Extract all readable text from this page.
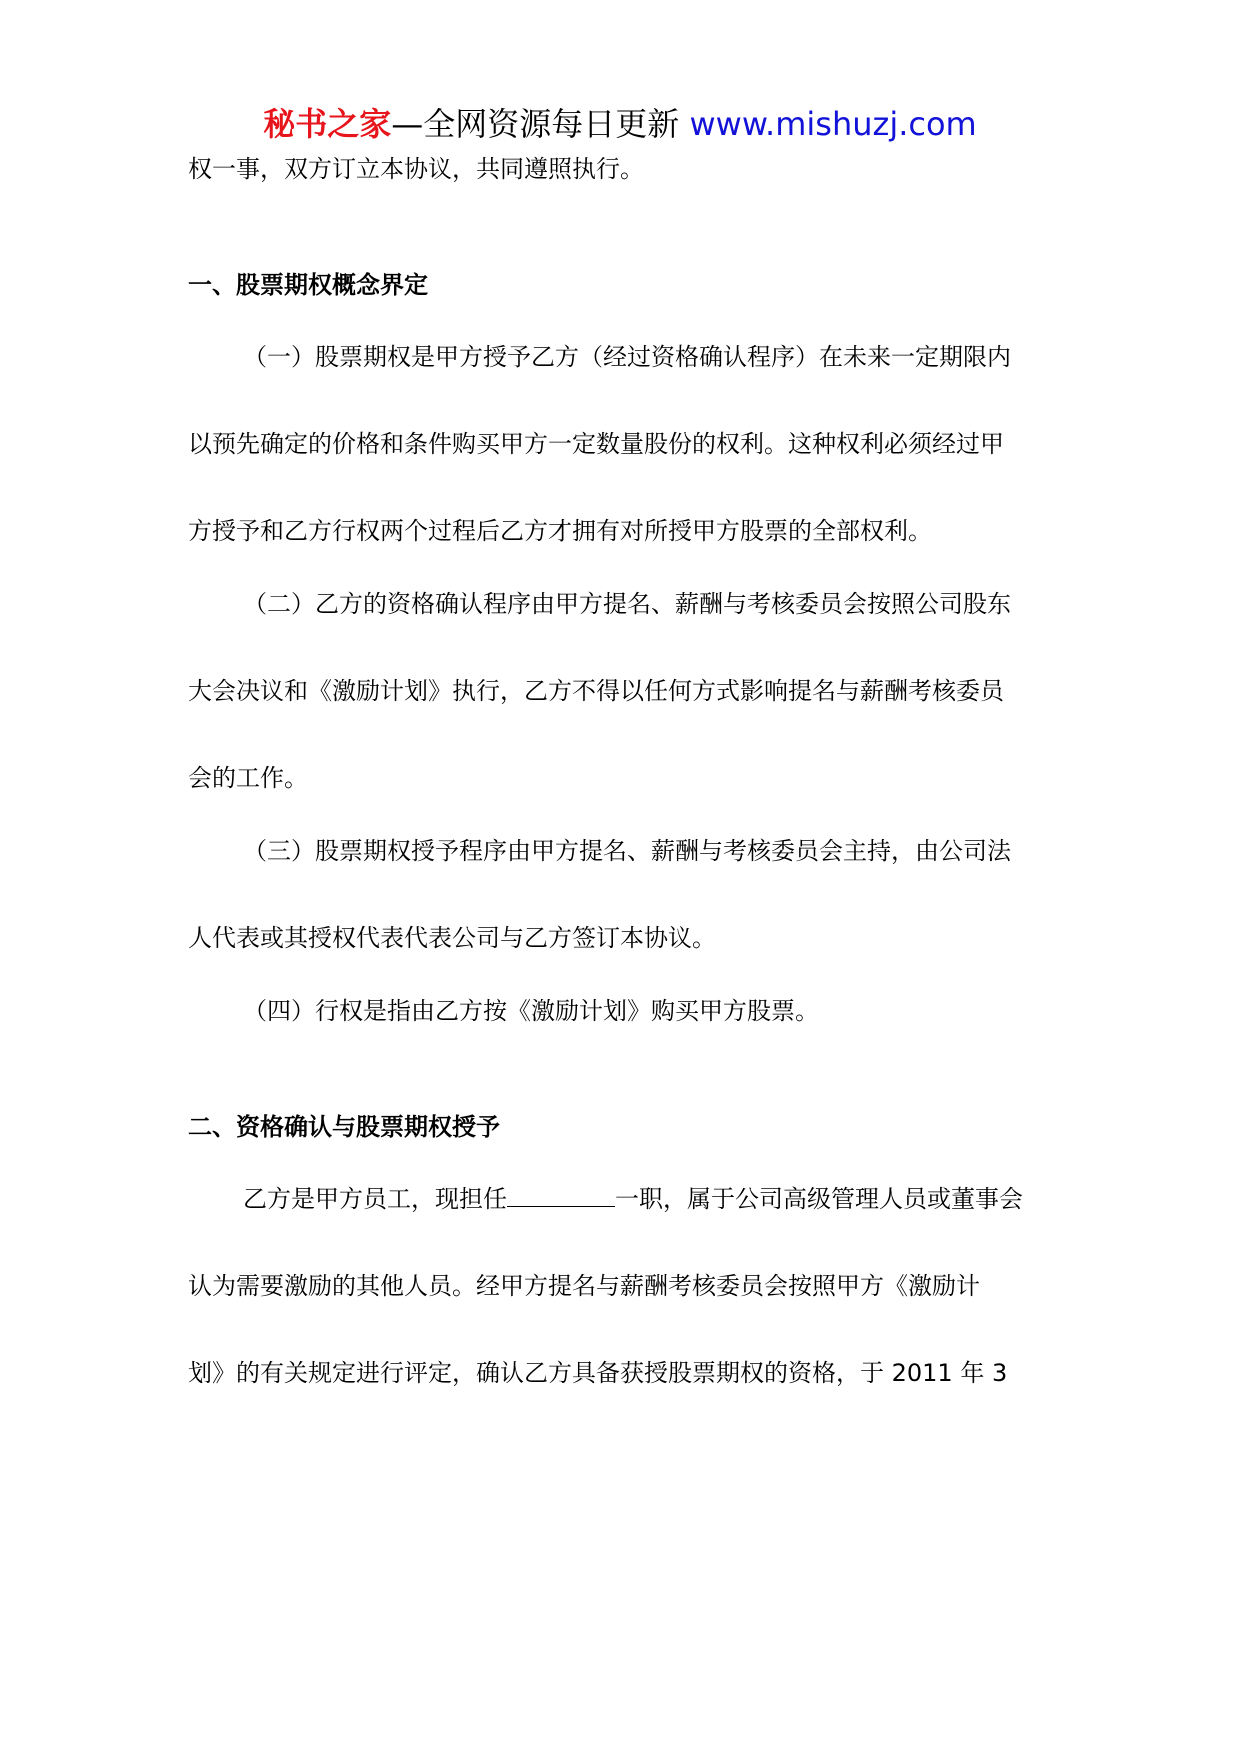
秘书之家—全网资源每日更新 www.mishuzj.com
权一事，双方订立本协议，共同遵照执行。
一、股票期权概念界定
（一）股票期权是甲方授予乙方（经过资格确认程序）在未来一定期限内
以预先确定的价格和条件购买甲方一定数量股份的权利。这种权利必须经过甲
方授予和乙方行权两个过程后乙方才拥有对所授甲方股票的全部权利。
（二）乙方的资格确认程序由甲方提名、薪酬与考核委员会按照公司股东
大会决议和《激励计划》执行，乙方不得以任何方式影响提名与薪酬考核委员
会的工作。
（三）股票期权授予程序由甲方提名、薪酬与考核委员会主持，由公司法
人代表或其授权代表代表公司与乙方签订本协议。
（四）行权是指由乙方按《激励计划》购买甲方股票。
二、资格确认与股票期权授予
乙方是甲方员工，现担任	一职，属于公司高级管理人员或董事会
认为需要激励的其他人员。经甲方提名与薪酬考核委员会按照甲方《激励计
划》的有关规定进行评定，确认乙方具备获授股票期权的资格，于 2011 年 3
